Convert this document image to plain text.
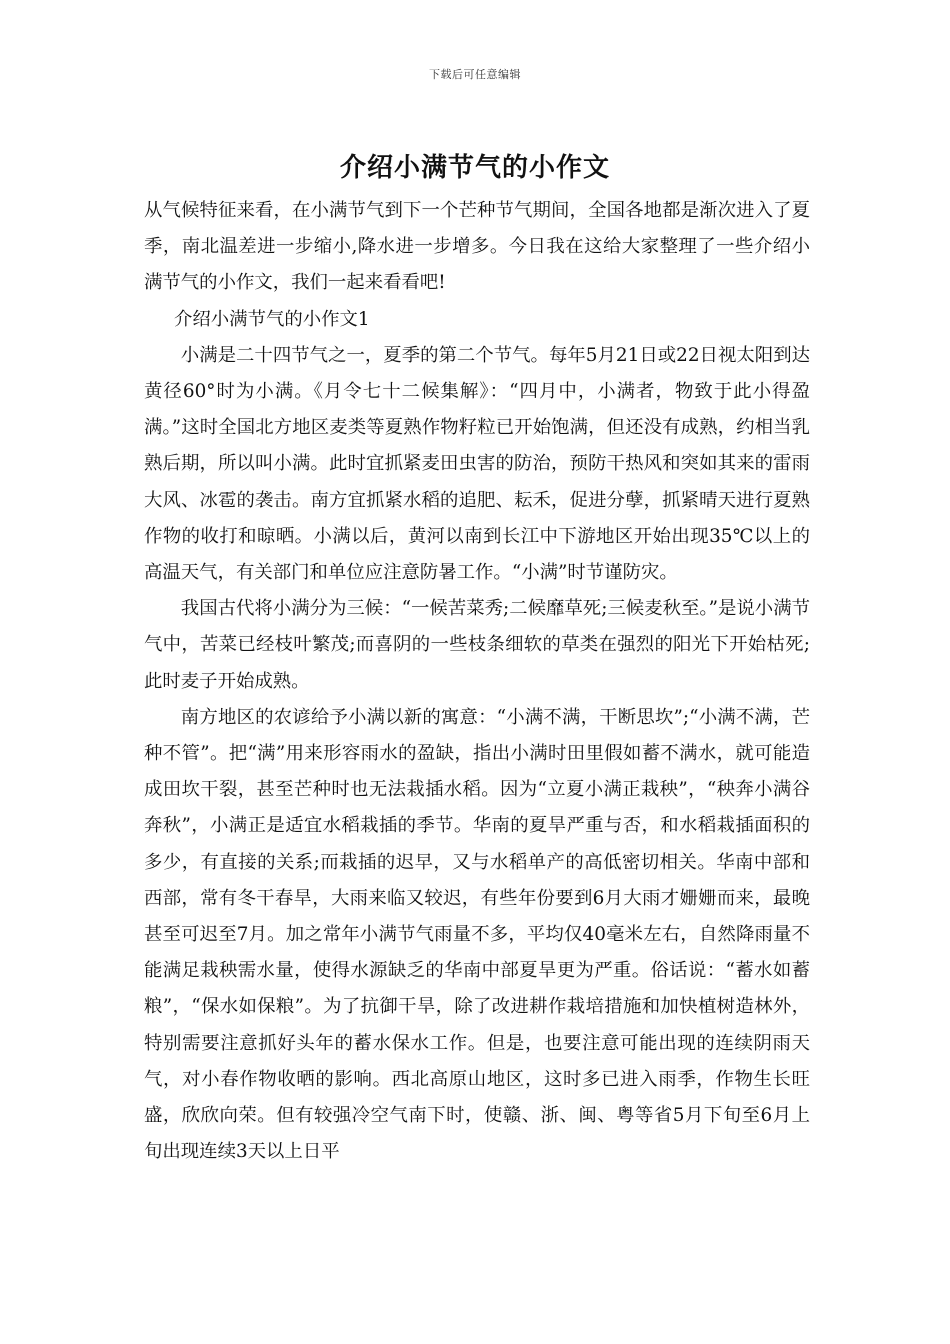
下载后可任意编辑
介绍小满节气的小作文

从气候特征来看，在小满节气到下一个芒种节气期间，全国各地都是渐次进入了夏季，南北温差进一步缩小,降水进一步增多。今日我在这给大家整理了一些介绍小满节气的小作文，我们一起来看看吧!

介绍小满节气的小作文1

小满是二十四节气之一，夏季的第二个节气。每年5月21日或22日视太阳到达黄径60°时为小满。《月令七十二候集解》：“四月中，小满者，物致于此小得盈满。”这时全国北方地区麦类等夏熟作物籽粒已开始饱满，但还没有成熟，约相当乳熟后期，所以叫小满。此时宜抓紧麦田虫害的防治，预防干热风和突如其来的雷雨大风、冰雹的袭击。南方宜抓紧水稻的追肥、耘禾，促进分孽，抓紧晴天进行夏熟作物的收打和晾晒。小满以后，黄河以南到长江中下游地区开始出现35℃以上的高温天气，有关部门和单位应注意防暑工作。“小满”时节谨防灾。

我国古代将小满分为三候：“一候苦菜秀;二候靡草死;三候麦秋至。”是说小满节气中，苦菜已经枝叶繁茂;而喜阴的一些枝条细软的草类在强烈的阳光下开始枯死;此时麦子开始成熟。

南方地区的农谚给予小满以新的寓意：“小满不满，干断思坎”;“小满不满，芒种不管”。把“满”用来形容雨水的盈缺，指出小满时田里假如蓄不满水，就可能造成田坎干裂，甚至芒种时也无法栽插水稻。因为“立夏小满正栽秧”，“秧奔小满谷奔秋”，小满正是适宜水稻栽插的季节。华南的夏旱严重与否，和水稻栽插面积的多少，有直接的关系;而栽插的迟早，又与水稻单产的高低密切相关。华南中部和西部，常有冬干春旱，大雨来临又较迟，有些年份要到6月大雨才姗姗而来，最晚甚至可迟至7月。加之常年小满节气雨量不多，平均仅40毫米左右，自然降雨量不能满足栽秧需水量，使得水源缺乏的华南中部夏旱更为严重。俗话说：“蓄水如蓄粮”，“保水如保粮”。为了抗御干旱，除了改进耕作栽培措施和加快植树造林外，特别需要注意抓好头年的蓄水保水工作。但是，也要注意可能出现的连续阴雨天气，对小春作物收晒的影响。西北高原山地区，这时多已进入雨季，作物生长旺盛，欣欣向荣。但有较强冷空气南下时，使赣、浙、闽、粤等省5月下旬至6月上旬出现连续3天以上日平
